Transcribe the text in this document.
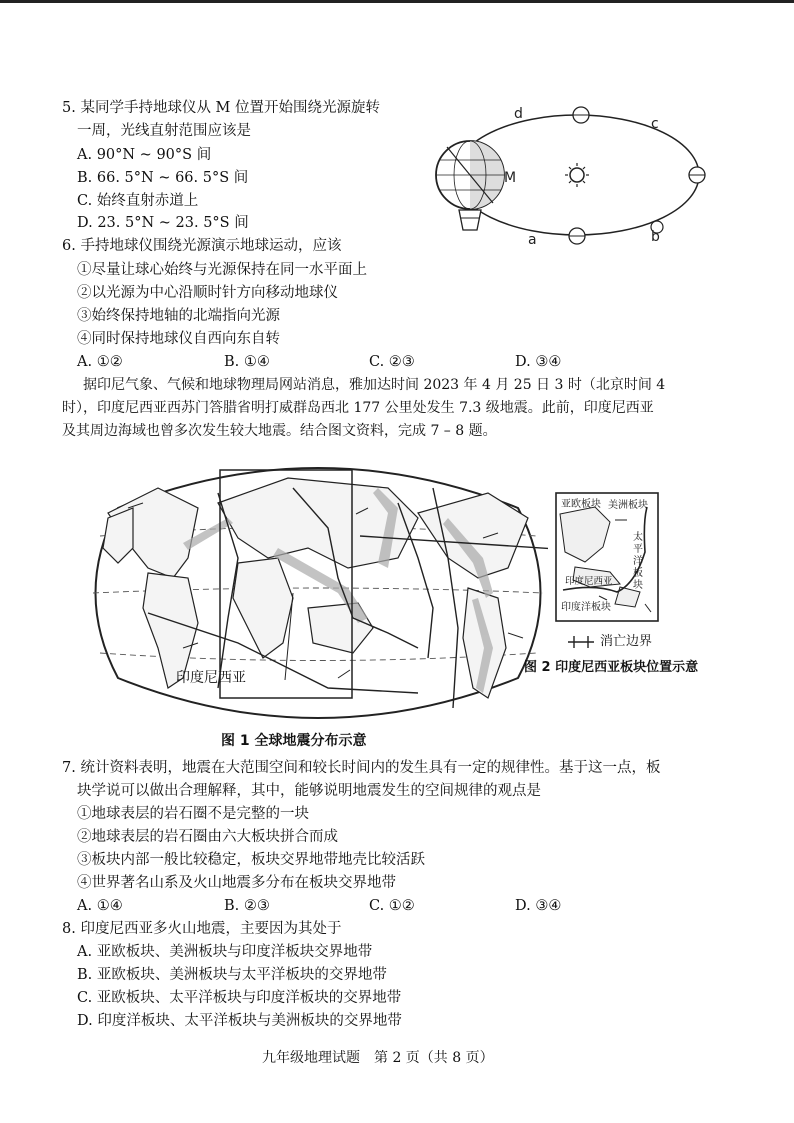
5. 某同学手持地球仪从 M 位置开始围绕光源旋转
一周，光线直射范围应该是
A. 90°N ~ 90°S 间
B. 66. 5°N ~ 66. 5°S 间
C. 始终直射赤道上
D. 23. 5°N ~ 23. 5°S 间
d
c
a	b
M
6. 手持地球仪围绕光源演示地球运动，应该
①尽量让球心始终与光源保持在同一水平面上
②以光源为中心沿顺时针方向移动地球仪
③始终保持地轴的北端指向光源
④同时保持地球仪自西向东自转
A. ①②	B. ①④	C. ②③	D. ③④
据印尼气象、气候和地球物理局网站消息，雅加达时间 2023 年 4 月 25 日 3 时（北京时间 4
时），印度尼西亚西苏门答腊省明打威群岛西北 177 公里处发生 7.3 级地震。此前，印度尼西亚
及其周边海域也曾多次发生较大地震。结合图文资料，完成 7 – 8 题。
印度尼西亚
图 1 全球地震分布示意
亚欧板块 美洲板块
印度尼西亚
印度洋板块
太 平 洋 板 块
消亡边界
图 2 印度尼西亚板块位置示意
7. 统计资料表明，地震在大范围空间和较长时间内的发生具有一定的规律性。基于这一点，板
块学说可以做出合理解释，其中，能够说明地震发生的空间规律的观点是
①地球表层的岩石圈不是完整的一块
②地球表层的岩石圈由六大板块拼合而成
③板块内部一般比较稳定，板块交界地带地壳比较活跃
④世界著名山系及火山地震多分布在板块交界地带
A. ①④	B. ②③	C. ①②	D. ③④
8. 印度尼西亚多火山地震，主要因为其处于
A. 亚欧板块、美洲板块与印度洋板块交界地带
B. 亚欧板块、美洲板块与太平洋板块的交界地带
C. 亚欧板块、太平洋板块与印度洋板块的交界地带
D. 印度洋板块、太平洋板块与美洲板块的交界地带
九年级地理试题　第 2 页（共 8 页）
